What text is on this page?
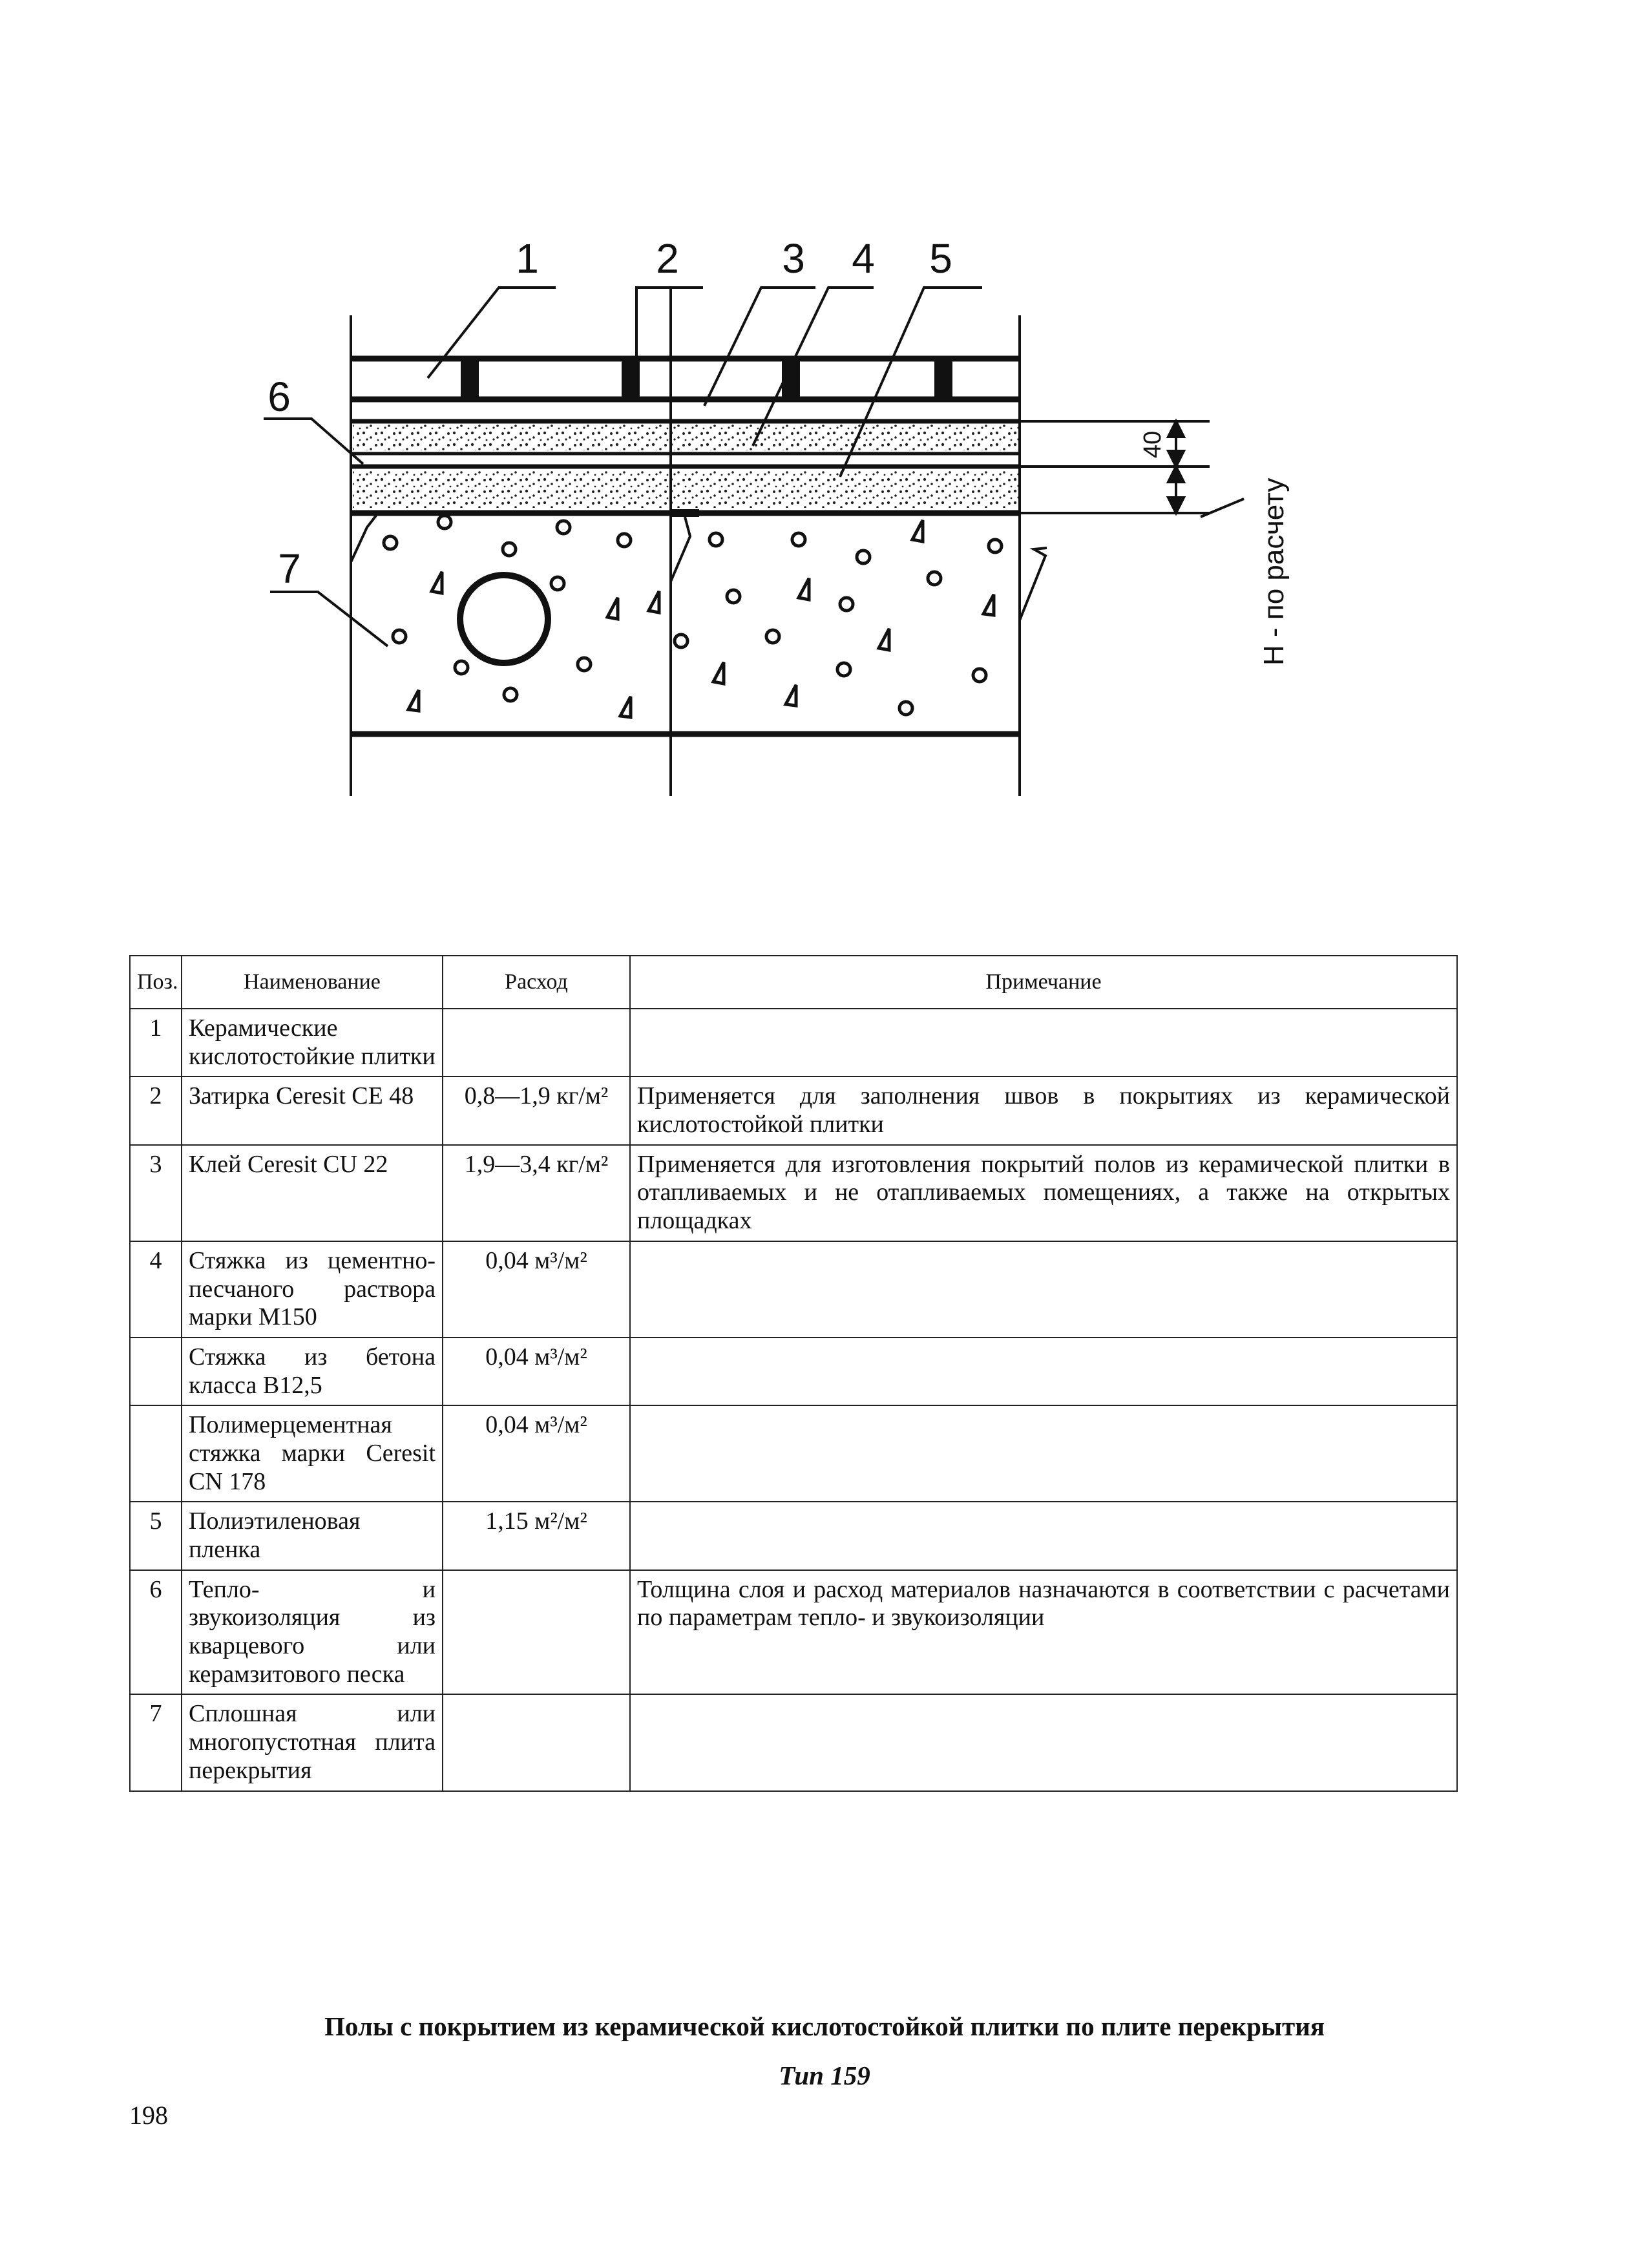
1	2 3 4 5
6
7
40
H - по расчету
Поз.	Наименование	Расход	Примечание
1	Керамические кислотостойкие плитки		
2	Затирка Ceresit CE 48	0,8—1,9 кг/м²	Применяется для заполнения швов в покрытиях из керамической кислотостойкой плитки
3	Клей Ceresit CU 22	1,9—3,4 кг/м²	Применяется для изготовления покрытий полов из керамической плитки в отапливаемых и не отапливаемых помещениях, а также на открытых площадках
4	Стяжка из цементно-песчаного раствора марки М150	0,04 м³/м²	
	Стяжка из бетона класса В12,5	0,04 м³/м²	
	Полимерцементная стяжка марки Ceresit CN 178	0,04 м³/м²	
5	Полиэтиленовая пленка	1,15 м²/м²	
6	Тепло- и звукоизоляция из кварцевого или керамзитового песка		Толщина слоя и расход материалов назначаются в соответствии с расчетами по параметрам тепло- и звукоизоляции
7	Сплошная или многопустотная плита перекрытия		
Полы с покрытием из керамической кислотостойкой плитки по плите перекрытия
Тип 159
198
